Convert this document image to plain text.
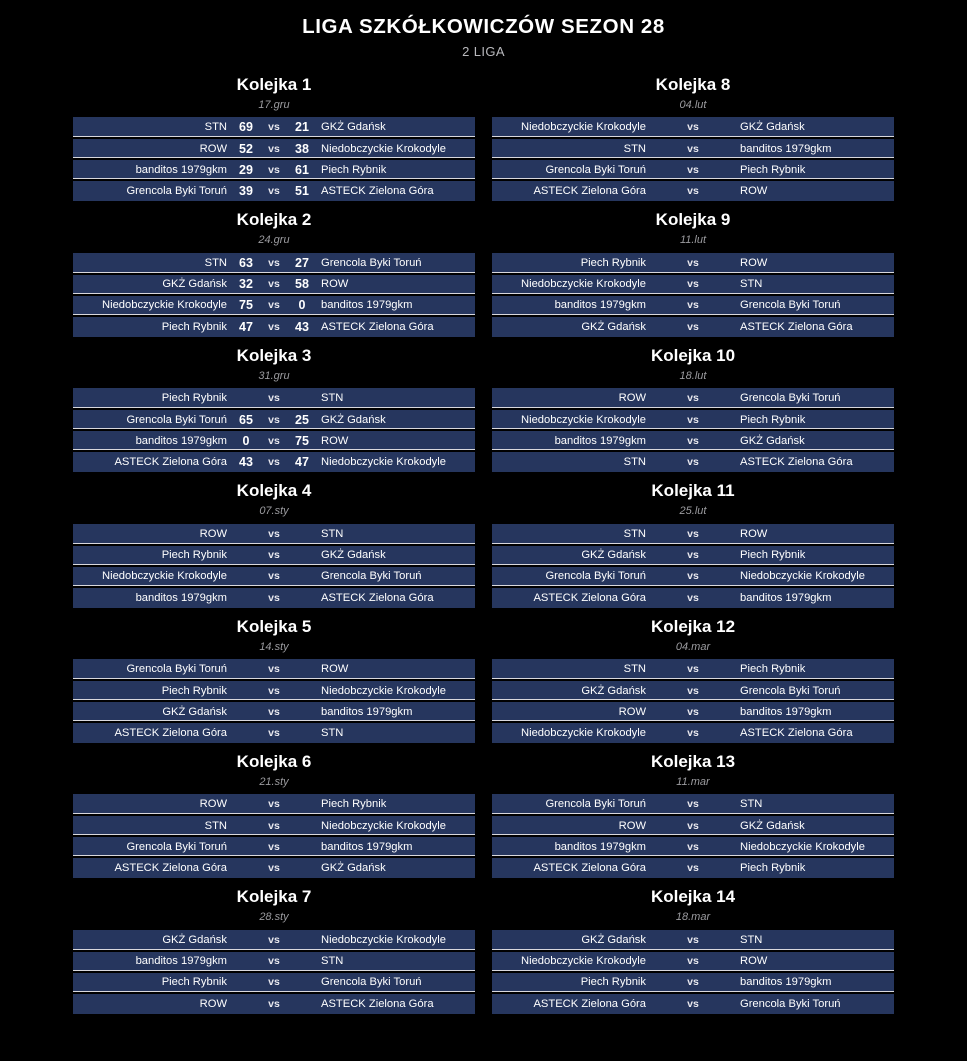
LIGA SZKÓŁKOWICZÓW SEZON 28
2 LIGA
Kolejka 1
17.gru
STN	69	vs	21	GKŻ Gdańsk
ROW	52	vs	38	Niedobczyckie Krokodyle
banditos 1979gkm	29	vs	61	Piech Rybnik
Grencola Byki Toruń	39	vs	51	ASTECK Zielona Góra
Kolejka 2
24.gru
STN	63	vs	27	Grencola Byki Toruń
GKŻ Gdańsk	32	vs	58	ROW
Niedobczyckie Krokodyle	75	vs	0	banditos 1979gkm
Piech Rybnik	47	vs	43	ASTECK Zielona Góra
Kolejka 3
31.gru
Piech Rybnik		vs		STN
Grencola Byki Toruń	65	vs	25	GKŻ Gdańsk
banditos 1979gkm	0	vs	75	ROW
ASTECK Zielona Góra	43	vs	47	Niedobczyckie Krokodyle
Kolejka 4
07.sty
ROW		vs		STN
Piech Rybnik		vs		GKŻ Gdańsk
Niedobczyckie Krokodyle		vs		Grencola Byki Toruń
banditos 1979gkm		vs		ASTECK Zielona Góra
Kolejka 5
14.sty
Grencola Byki Toruń		vs		ROW
Piech Rybnik		vs		Niedobczyckie Krokodyle
GKŻ Gdańsk		vs		banditos 1979gkm
ASTECK Zielona Góra		vs		STN
Kolejka 6
21.sty
ROW		vs		Piech Rybnik
STN		vs		Niedobczyckie Krokodyle
Grencola Byki Toruń		vs		banditos 1979gkm
ASTECK Zielona Góra		vs		GKŻ Gdańsk
Kolejka 7
28.sty
GKŻ Gdańsk		vs		Niedobczyckie Krokodyle
banditos 1979gkm		vs		STN
Piech Rybnik		vs		Grencola Byki Toruń
ROW		vs		ASTECK Zielona Góra
Kolejka 8
04.lut
Niedobczyckie Krokodyle		vs		GKŻ Gdańsk
STN		vs		banditos 1979gkm
Grencola Byki Toruń		vs		Piech Rybnik
ASTECK Zielona Góra		vs		ROW
Kolejka 9
11.lut
Piech Rybnik		vs		ROW
Niedobczyckie Krokodyle		vs		STN
banditos 1979gkm		vs		Grencola Byki Toruń
GKŻ Gdańsk		vs		ASTECK Zielona Góra
Kolejka 10
18.lut
ROW		vs		Grencola Byki Toruń
Niedobczyckie Krokodyle		vs		Piech Rybnik
banditos 1979gkm		vs		GKŻ Gdańsk
STN		vs		ASTECK Zielona Góra
Kolejka 11
25.lut
STN		vs		ROW
GKŻ Gdańsk		vs		Piech Rybnik
Grencola Byki Toruń		vs		Niedobczyckie Krokodyle
ASTECK Zielona Góra		vs		banditos 1979gkm
Kolejka 12
04.mar
STN		vs		Piech Rybnik
GKŻ Gdańsk		vs		Grencola Byki Toruń
ROW		vs		banditos 1979gkm
Niedobczyckie Krokodyle		vs		ASTECK Zielona Góra
Kolejka 13
11.mar
Grencola Byki Toruń		vs		STN
ROW		vs		GKŻ Gdańsk
banditos 1979gkm		vs		Niedobczyckie Krokodyle
ASTECK Zielona Góra		vs		Piech Rybnik
Kolejka 14
18.mar
GKŻ Gdańsk		vs		STN
Niedobczyckie Krokodyle		vs		ROW
Piech Rybnik		vs		banditos 1979gkm
ASTECK Zielona Góra		vs		Grencola Byki Toruń
